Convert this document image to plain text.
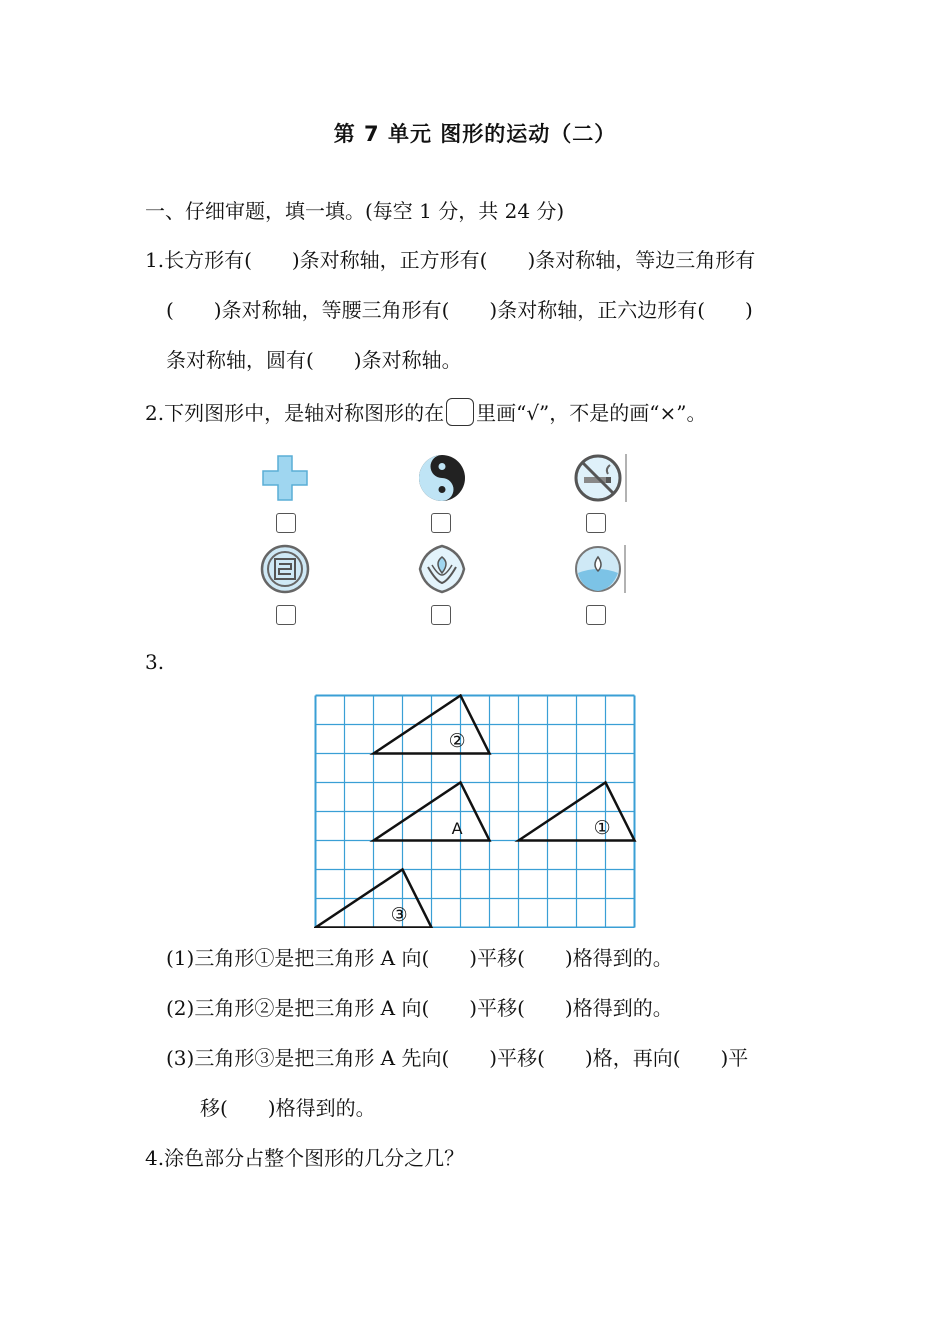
第 7 单元 图形的运动（二）
一、仔细审题，填一填。(每空 1 分，共 24 分)
1.长方形有(　　)条对称轴，正方形有(　　)条对称轴，等边三角形有
(　　)条对称轴，等腰三角形有(　　)条对称轴，正六边形有(　　)
条对称轴，圆有(　　)条对称轴。
2.下列图形中，是轴对称图形的在 里画“√”，不是的画“×”。
3.
②
A	①
③
(1)三角形①是把三角形 A 向(　　)平移(　　)格得到的。
(2)三角形②是把三角形 A 向(　　)平移(　　)格得到的。
(3)三角形③是把三角形 A 先向(　　)平移(　　)格，再向(　　)平
移(　　)格得到的。
4.涂色部分占整个图形的几分之几？
